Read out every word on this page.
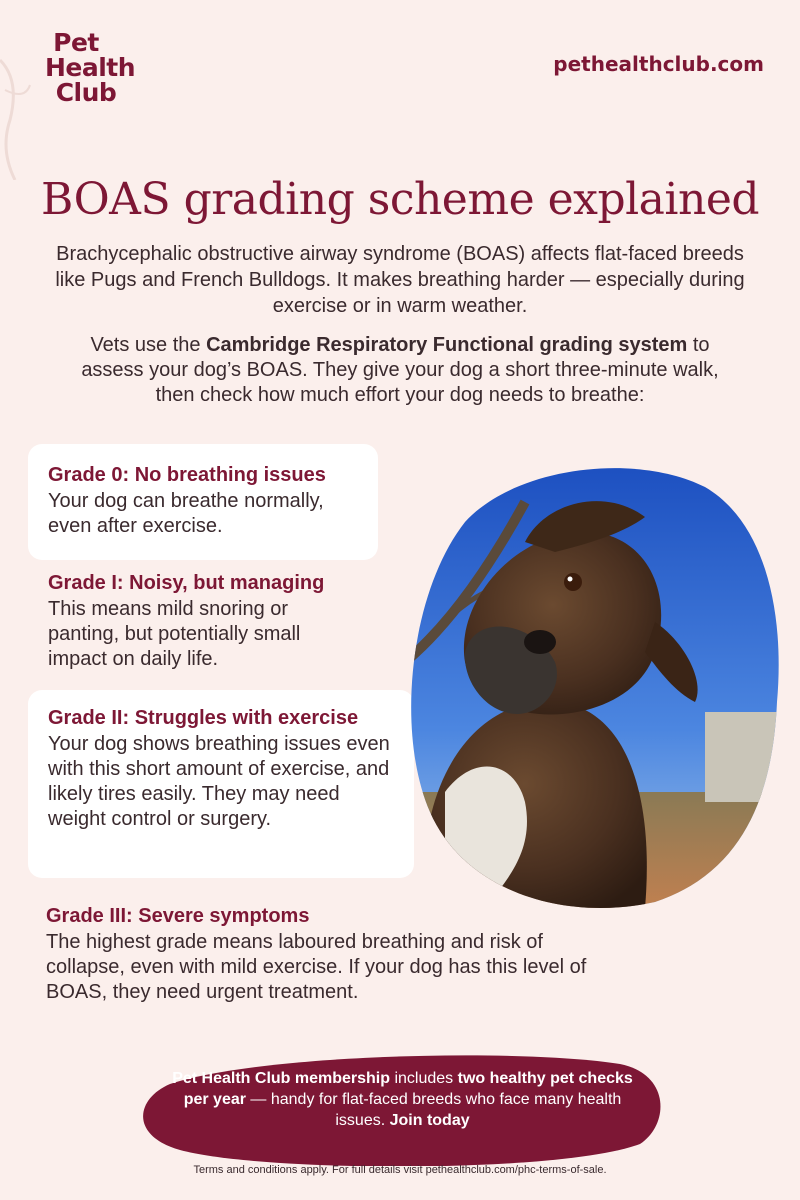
Pet
Health
Club
pethealthclub.com
BOAS grading scheme explained

Brachycephalic obstructive airway syndrome (BOAS) affects flat-faced breeds like Pugs and French Bulldogs. It makes breathing harder — especially during exercise or in warm weather.

Vets use the Cambridge Respiratory Functional grading system to assess your dog’s BOAS. They give your dog a short three-minute walk, then check how much effort your dog needs to breathe:

Grade 0: No breathing issues

Your dog can breathe normally, even after exercise.

Grade I: Noisy, but managing

This means mild snoring or panting, but potentially small impact on daily life.

Grade II: Struggles with exercise

Your dog shows breathing issues even with this short amount of exercise, and likely tires easily. They may need weight control or surgery.

Grade III: Severe symptoms

The highest grade means laboured breathing and risk of collapse, even with mild exercise. If your dog has this level of BOAS, they need urgent treatment.

Pet Health Club membership includes two healthy pet checks per year — handy for flat-faced breeds who face many health issues. Join today

Terms and conditions apply. For full details visit pethealthclub.com/phc-terms-of-sale.
